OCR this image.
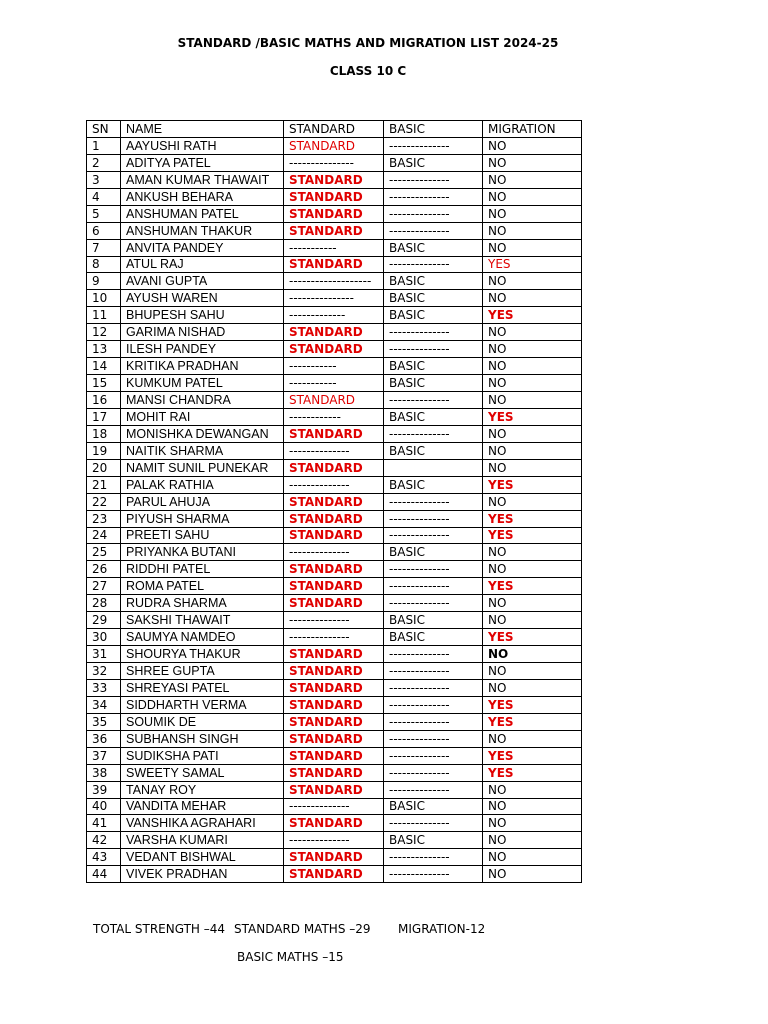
STANDARD /BASIC MATHS AND MIGRATION LIST 2024-25
CLASS 10 C
SN	NAME	STANDARD	BASIC	MIGRATION
1	AAYUSHI RATH	STANDARD	--------------	NO
2	ADITYA PATEL	---------------	BASIC	NO
3	AMAN KUMAR THAWAIT	STANDARD	--------------	NO
4	ANKUSH BEHARA	STANDARD	--------------	NO
5	ANSHUMAN PATEL	STANDARD	--------------	NO
6	ANSHUMAN THAKUR	STANDARD	--------------	NO
7	ANVITA PANDEY	-----------	BASIC	NO
8	ATUL RAJ	STANDARD	--------------	YES
9	AVANI GUPTA	-------------------	BASIC	NO
10	AYUSH WAREN	---------------	BASIC	NO
11	BHUPESH SAHU	-------------	BASIC	YES
12	GARIMA NISHAD	STANDARD	--------------	NO
13	ILESH PANDEY	STANDARD	--------------	NO
14	KRITIKA PRADHAN	-----------	BASIC	NO
15	KUMKUM PATEL	-----------	BASIC	NO
16	MANSI CHANDRA	STANDARD	--------------	NO
17	MOHIT RAI	------------	BASIC	YES
18	MONISHKA DEWANGAN	STANDARD	--------------	NO
19	NAITIK SHARMA	--------------	BASIC	NO
20	NAMIT SUNIL PUNEKAR	STANDARD		NO
21	PALAK RATHIA	--------------	BASIC	YES
22	PARUL AHUJA	STANDARD	--------------	NO
23	PIYUSH SHARMA	STANDARD	--------------	YES
24	PREETI SAHU	STANDARD	--------------	YES
25	PRIYANKA BUTANI	--------------	BASIC	NO
26	RIDDHI PATEL	STANDARD	--------------	NO
27	ROMA PATEL	STANDARD	--------------	YES
28	RUDRA SHARMA	STANDARD	--------------	NO
29	SAKSHI THAWAIT	--------------	BASIC	NO
30	SAUMYA NAMDEO	--------------	BASIC	YES
31	SHOURYA THAKUR	STANDARD	--------------	NO
32	SHREE GUPTA	STANDARD	--------------	NO
33	SHREYASI PATEL	STANDARD	--------------	NO
34	SIDDHARTH VERMA	STANDARD	--------------	YES
35	SOUMIK DE	STANDARD	--------------	YES
36	SUBHANSH SINGH	STANDARD	--------------	NO
37	SUDIKSHA PATI	STANDARD	--------------	YES
38	SWEETY SAMAL	STANDARD	--------------	YES
39	TANAY ROY	STANDARD	--------------	NO
40	VANDITA MEHAR	--------------	BASIC	NO
41	VANSHIKA AGRAHARI	STANDARD	--------------	NO
42	VARSHA KUMARI	--------------	BASIC	NO
43	VEDANT BISHWAL	STANDARD	--------------	NO
44	VIVEK PRADHAN	STANDARD	--------------	NO
TOTAL STRENGTH –44 STANDARD MATHS –29 MIGRATION-12
BASIC MATHS –15
